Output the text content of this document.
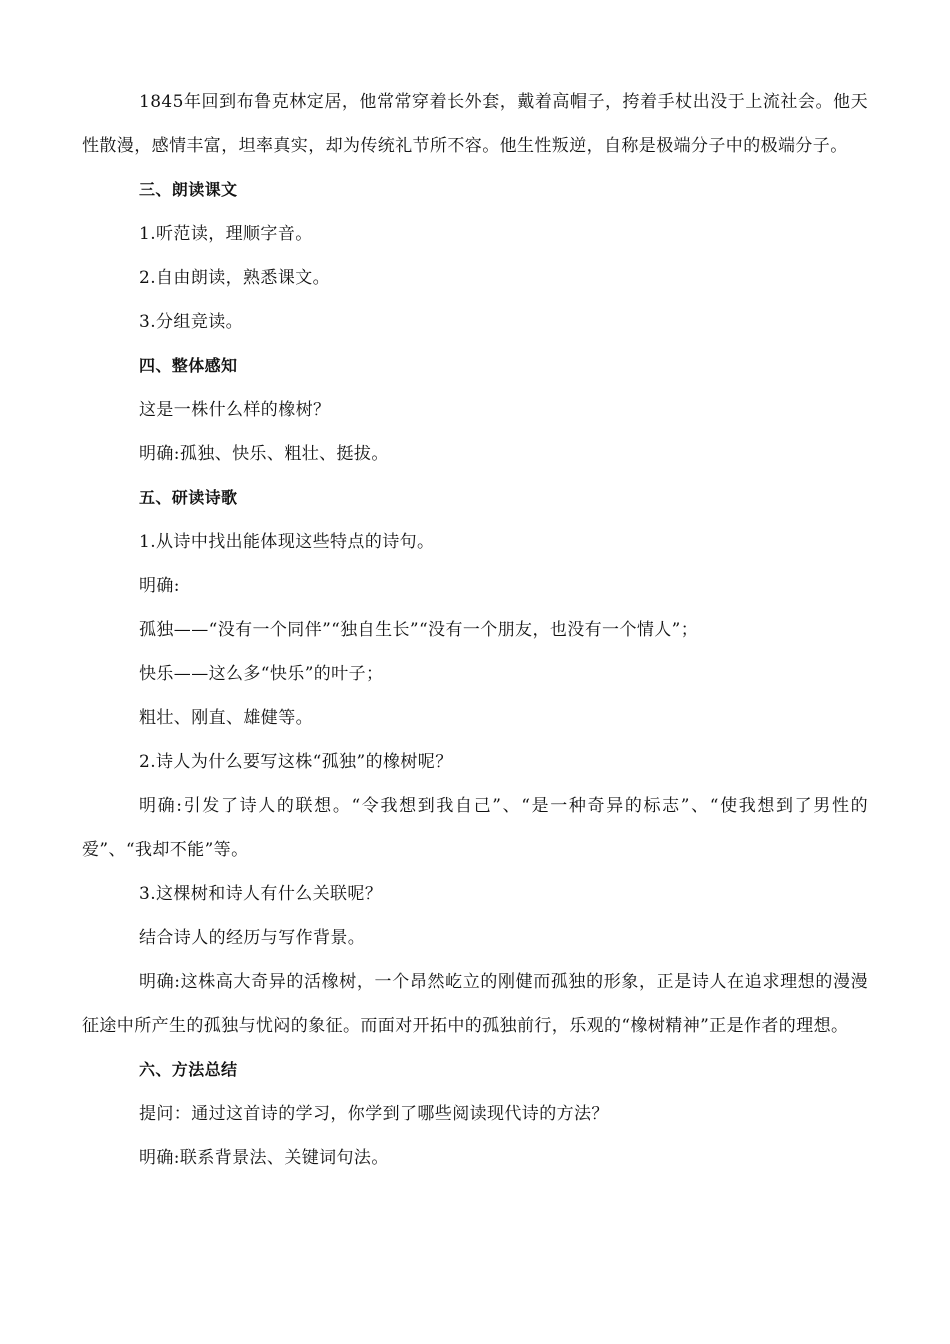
1845年回到布鲁克林定居，他常常穿着长外套，戴着高帽子，挎着手杖出没于上流社会。他天性散漫，感情丰富，坦率真实，却为传统礼节所不容。他生性叛逆，自称是极端分子中的极端分子。

三、朗读课文

1.听范读，理顺字音。

2.自由朗读，熟悉课文。

3.分组竞读。

四、整体感知

这是一株什么样的橡树？

明确:孤独、快乐、粗壮、挺拔。

五、研读诗歌

1.从诗中找出能体现这些特点的诗句。

明确:

孤独——“没有一个同伴”“独自生长”“没有一个朋友，也没有一个情人”；

快乐——这么多“快乐”的叶子；

粗壮、刚直、雄健等。

2.诗人为什么要写这株“孤独”的橡树呢？

明确:引发了诗人的联想。“令我想到我自己”、“是一种奇异的标志”、“使我想到了男性的爱”、“我却不能”等。

3.这棵树和诗人有什么关联呢？

结合诗人的经历与写作背景。

明确:这株高大奇异的活橡树，一个昂然屹立的刚健而孤独的形象，正是诗人在追求理想的漫漫征途中所产生的孤独与忧闷的象征。而面对开拓中的孤独前行，乐观的“橡树精神”正是作者的理想。

六、方法总结

提问：通过这首诗的学习，你学到了哪些阅读现代诗的方法？

明确:联系背景法、关键词句法。
